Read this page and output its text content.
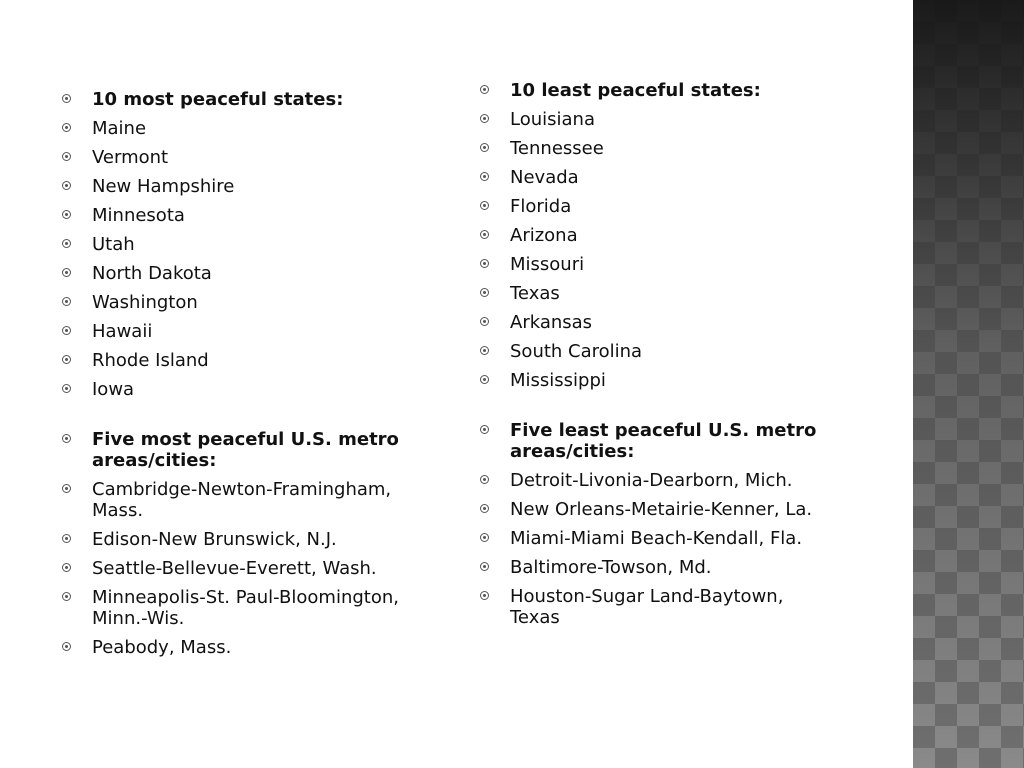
10 most peaceful states:
Maine
Vermont
New Hampshire
Minnesota
Utah
North Dakota
Washington
Hawaii
Rhode Island
Iowa
Five most peaceful U.S. metro areas/cities:
Cambridge-Newton-Framingham, Mass.
Edison-New Brunswick, N.J.
Seattle-Bellevue-Everett, Wash.
Minneapolis-St. Paul-Bloomington, Minn.-Wis.
Peabody, Mass.
10 least peaceful states:
Louisiana
Tennessee
Nevada
Florida
Arizona
Missouri
Texas
Arkansas
South Carolina
Mississippi
Five least peaceful U.S. metro areas/cities:
Detroit-Livonia-Dearborn, Mich.
New Orleans-Metairie-Kenner, La.
Miami-Miami Beach-Kendall, Fla.
Baltimore-Towson, Md.
Houston-Sugar Land-Baytown, Texas
